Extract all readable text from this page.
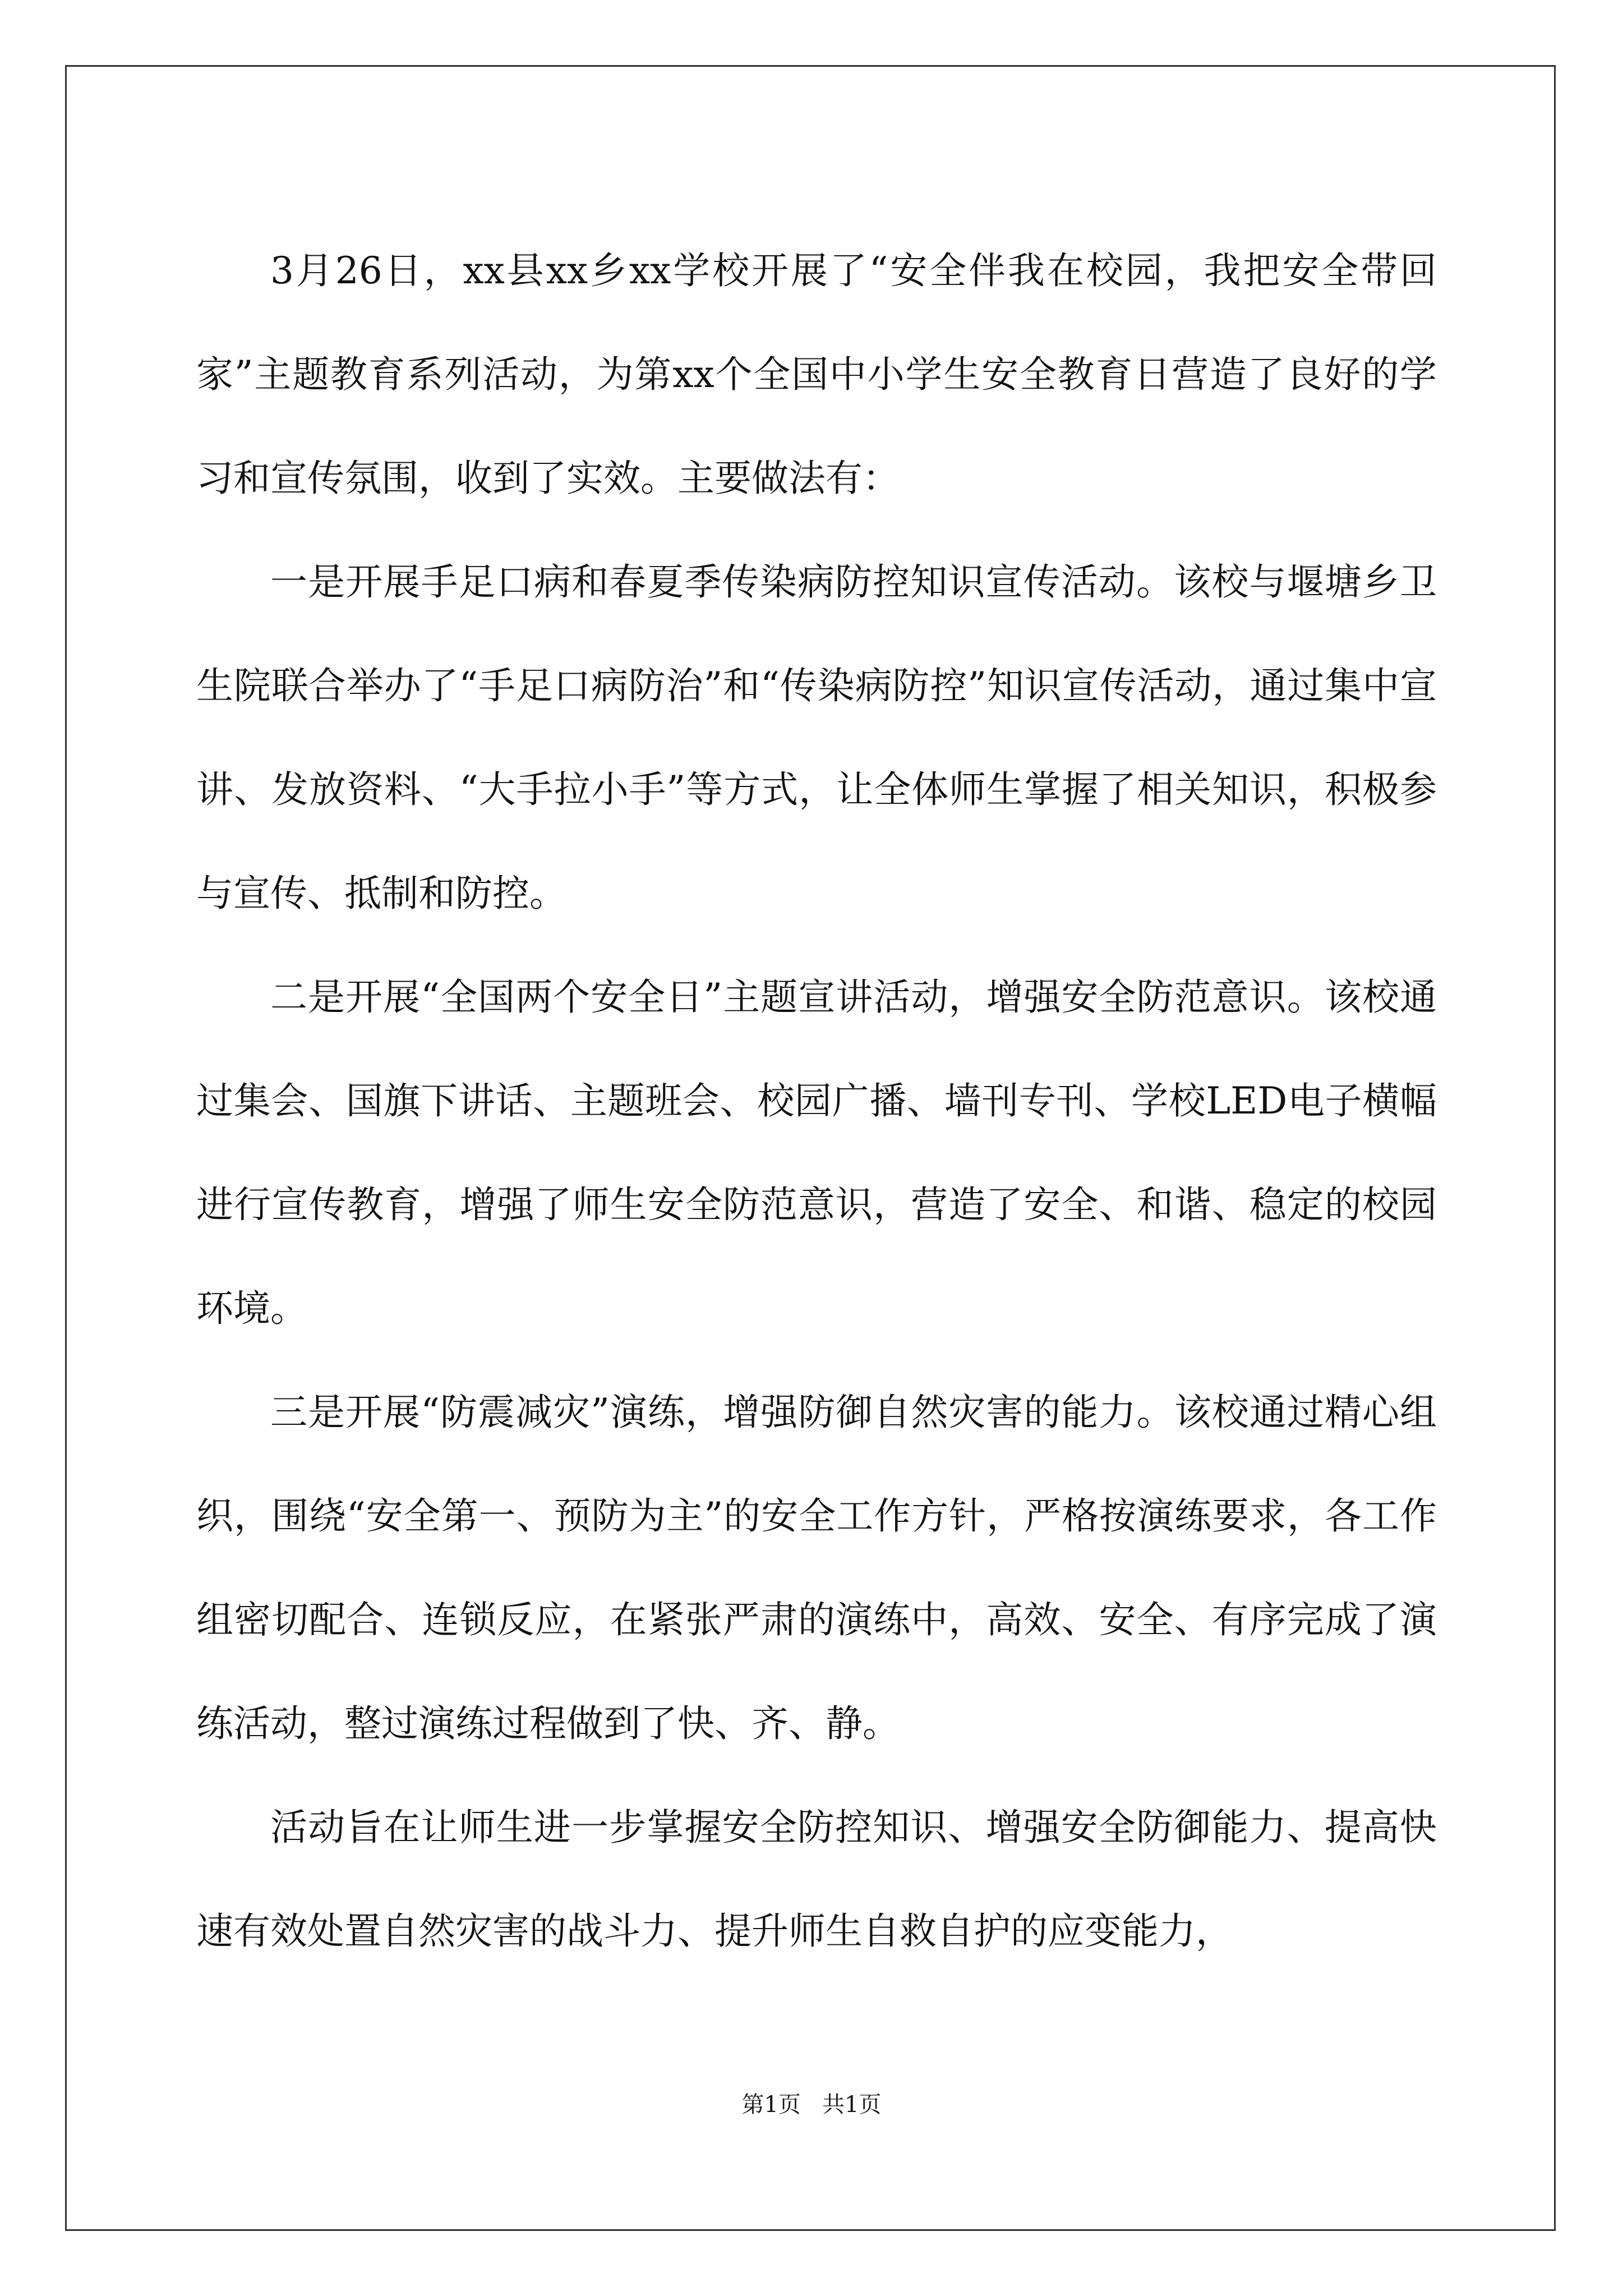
3月26日，xx县xx乡xx学校开展了“安全伴我在校园，我把安全带回家”主题教育系列活动，为第xx个全国中小学生安全教育日营造了良好的学习和宣传氛围，收到了实效。主要做法有：

一是开展手足口病和春夏季传染病防控知识宣传活动。该校与堰塘乡卫生院联合举办了“手足口病防治”和“传染病防控”知识宣传活动，通过集中宣讲、发放资料、“大手拉小手”等方式，让全体师生掌握了相关知识，积极参与宣传、抵制和防控。

二是开展“全国两个安全日”主题宣讲活动，增强安全防范意识。该校通过集会、国旗下讲话、主题班会、校园广播、墙刊专刊、学校LED电子横幅进行宣传教育，增强了师生安全防范意识，营造了安全、和谐、稳定的校园环境。

三是开展“防震减灾”演练，增强防御自然灾害的能力。该校通过精心组织，围绕“安全第一、预防为主”的安全工作方针，严格按演练要求，各工作组密切配合、连锁反应，在紧张严肃的演练中，高效、安全、有序完成了演练活动，整过演练过程做到了快、齐、静。

活动旨在让师生进一步掌握安全防控知识、增强安全防御能力、提高快速有效处置自然灾害的战斗力、提升师生自救自护的应变能力，

第1页   共1页
